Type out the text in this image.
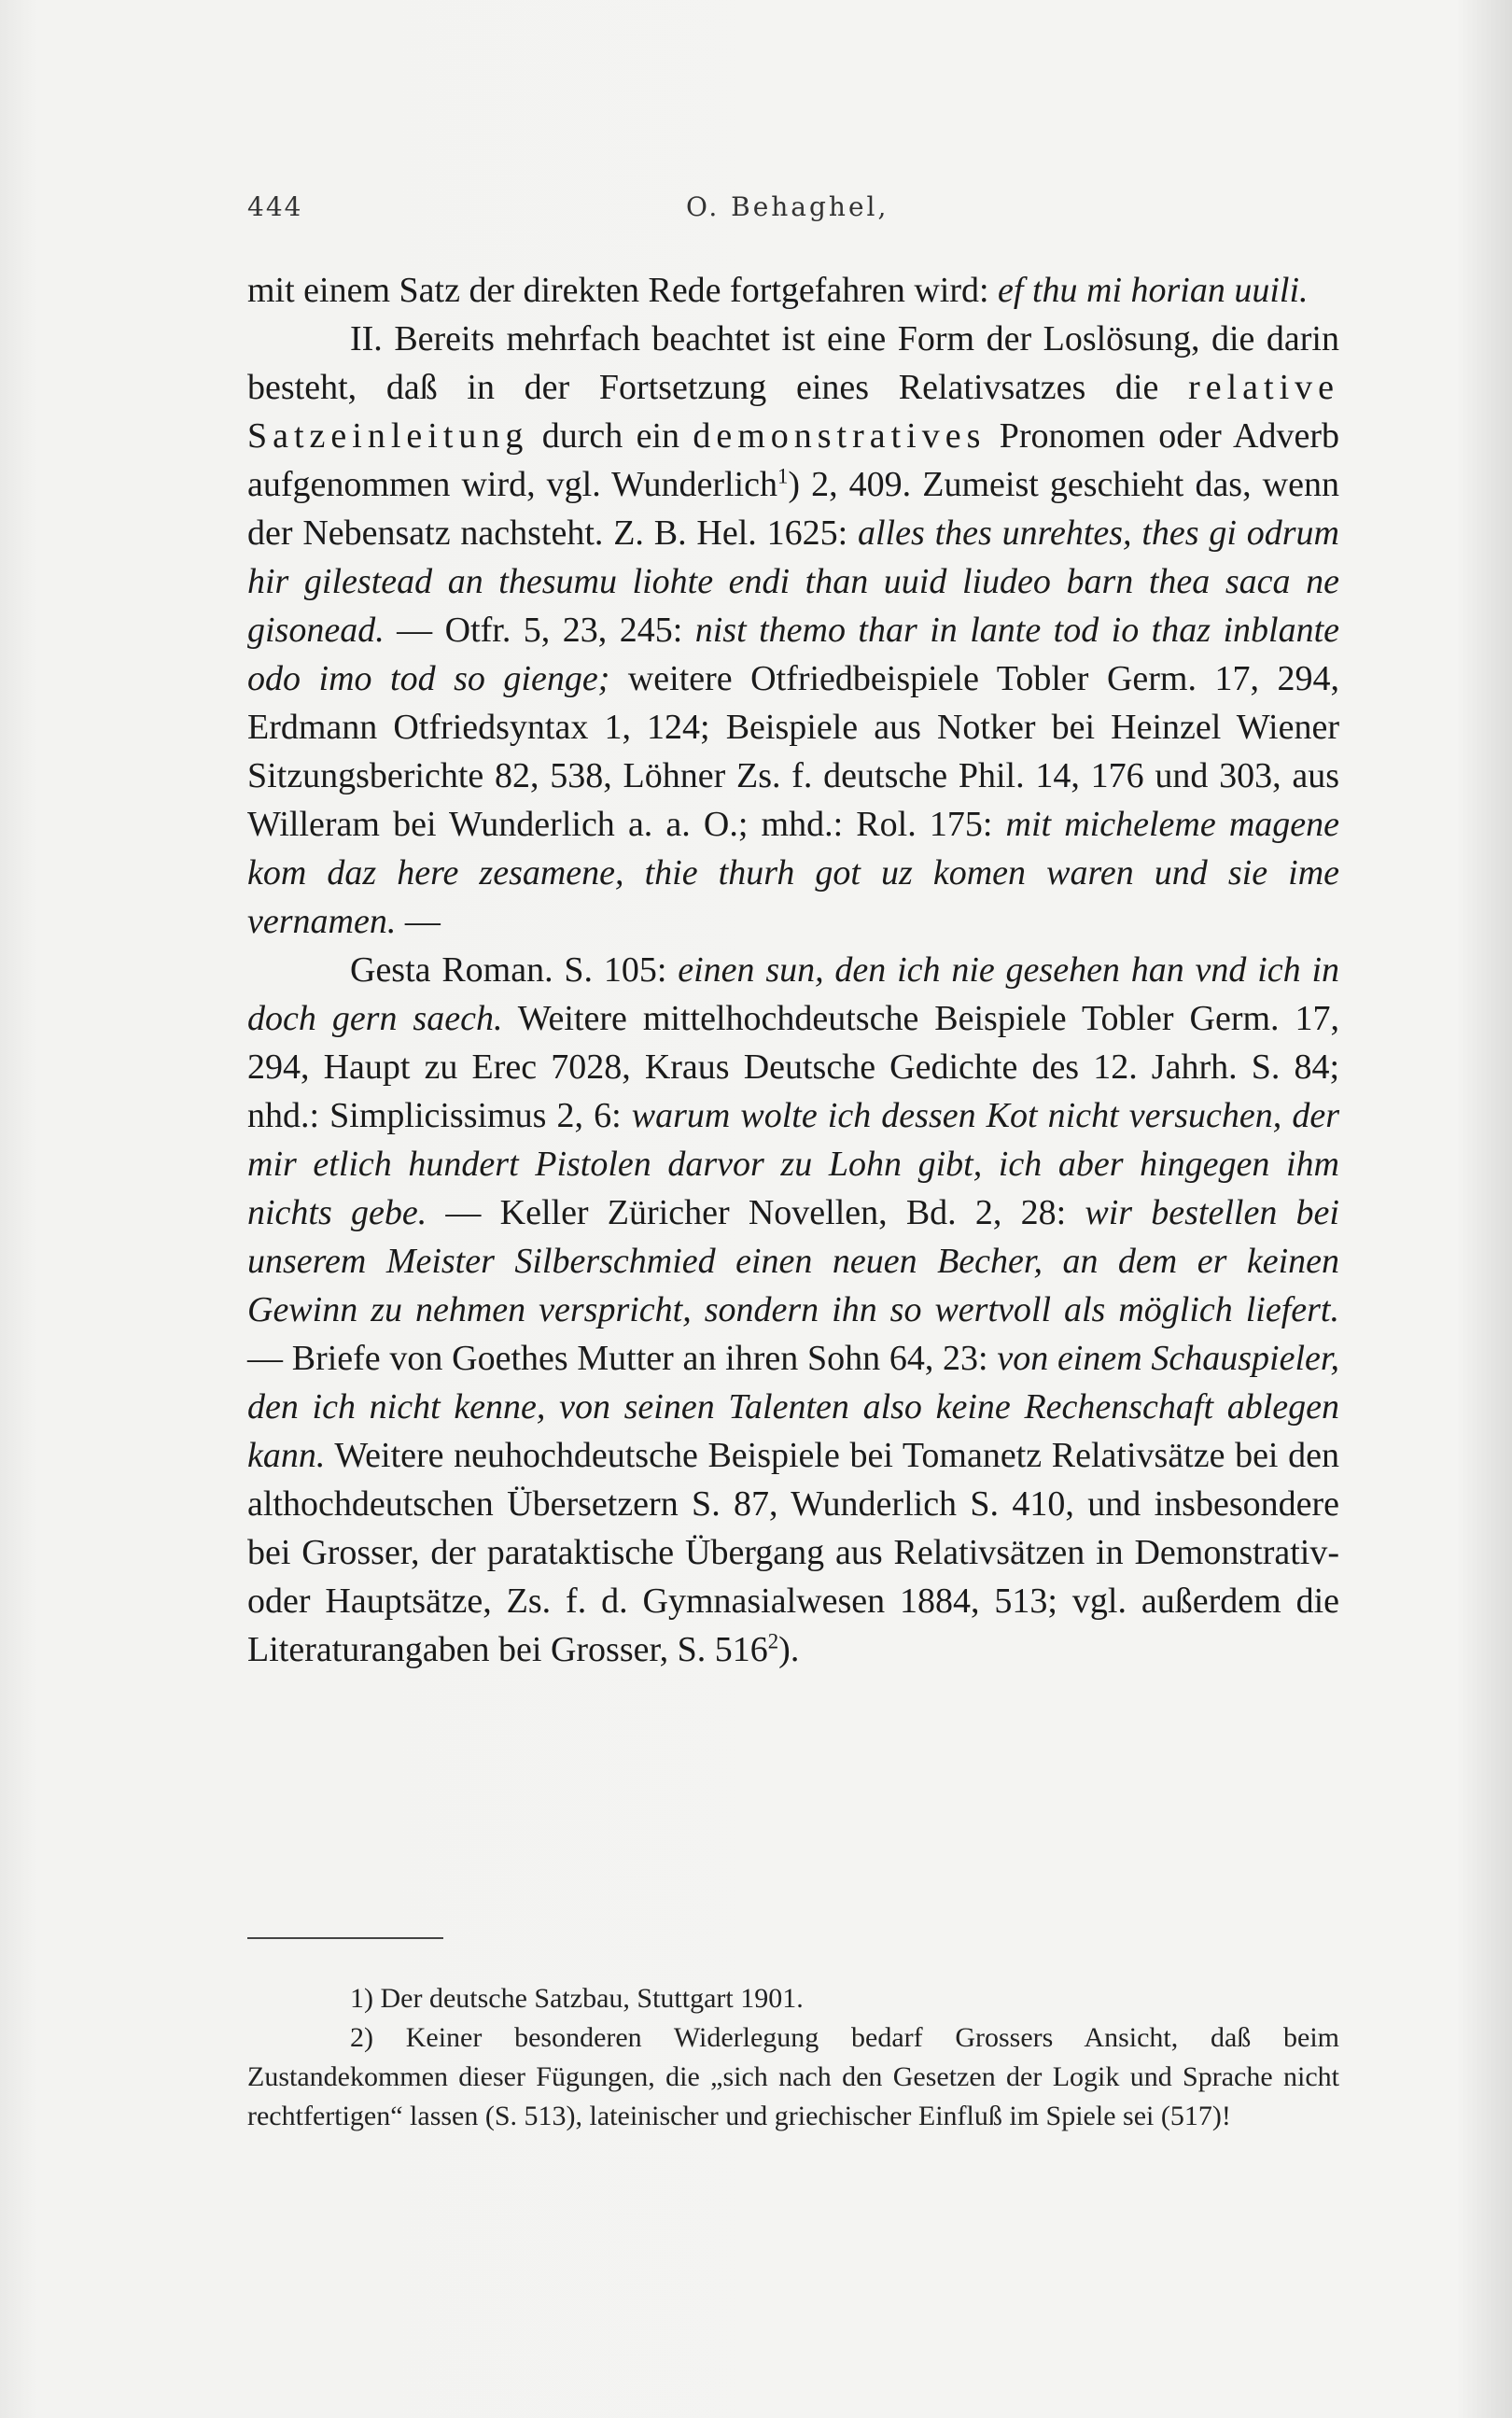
444	O. Behaghel,

mit einem Satz der direkten Rede fortgefahren wird: ef thu mi horian uuili.

II. Bereits mehrfach beachtet ist eine Form der Loslösung, die darin besteht, daß in der Fortsetzung eines Relativsatzes die relative Satzeinleitung durch ein demonstratives Pronomen oder Adverb aufgenommen wird, vgl. Wunderlich$^1$) 2, 409. Zumeist geschieht das, wenn der Nebensatz nachsteht. Z. B. Hel. 1625: alles thes unrehtes, thes gi odrum hir gilestead an thesumu liohte endi than uuid liudeo barn thea saca ne gisonead. — Otfr. 5, 23, 245: nist themo thar in lante tod io thaz inblante odo imo tod so gienge; weitere Otfriedbeispiele Tobler Germ. 17, 294, Erdmann Otfriedsyntax 1, 124; Beispiele aus Notker bei Heinzel Wiener Sitzungsberichte 82, 538, Löhner Zs. f. deutsche Phil. 14, 176 und 303, aus Willeram bei Wunderlich a. a. O.; mhd.: Rol. 175: mit micheleme magene kom daz here zesamene, thie thurh got uz komen waren und sie ime vernamen. —

Gesta Roman. S. 105: einen sun, den ich nie gesehen han vnd ich in doch gern saech. Weitere mittelhochdeutsche Beispiele Tobler Germ. 17, 294, Haupt zu Erec 7028, Kraus Deutsche Gedichte des 12. Jahrh. S. 84; nhd.: Simplicissimus 2, 6: warum wolte ich dessen Kot nicht versuchen, der mir etlich hundert Pistolen darvor zu Lohn gibt, ich aber hingegen ihm nichts gebe. — Keller Züricher Novellen, Bd. 2, 28: wir bestellen bei unserem Meister Silberschmied einen neuen Becher, an dem er keinen Gewinn zu nehmen verspricht, sondern ihn so wertvoll als möglich liefert. — Briefe von Goethes Mutter an ihren Sohn 64, 23: von einem Schauspieler, den ich nicht kenne, von seinen Talenten also keine Rechenschaft ablegen kann. Weitere neuhochdeutsche Beispiele bei Tomanetz Relativsätze bei den althochdeutschen Übersetzern S. 87, Wunderlich S. 410, und insbesondere bei Grosser, der parataktische Übergang aus Relativsätzen in Demonstrativ- oder Hauptsätze, Zs. f. d. Gymnasialwesen 1884, 513; vgl. außerdem die Literaturangaben bei Grosser, S. $516^2$).

1) Der deutsche Satzbau, Stuttgart 1901.

2) Keiner besonderen Widerlegung bedarf Grossers Ansicht, daß beim Zustandekommen dieser Fügungen, die „sich nach den Gesetzen der Logik und Sprache nicht rechtfertigen“ lassen (S. 513), lateinischer und griechischer Einfluß im Spiele sei (517)!
